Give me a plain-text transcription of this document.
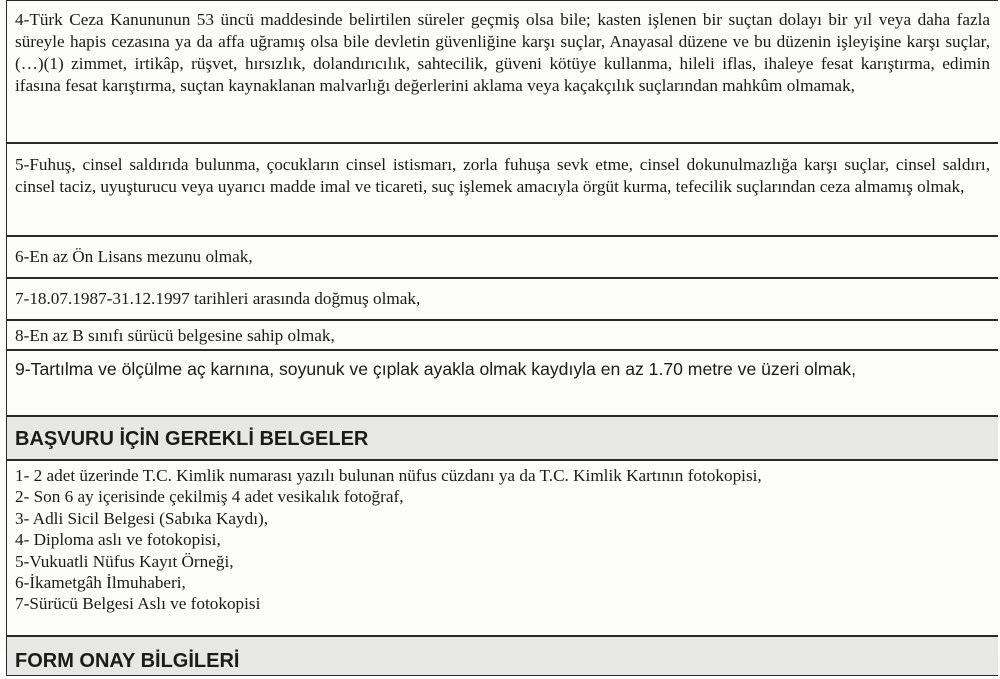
4-Türk Ceza Kanununun 53 üncü maddesinde belirtilen süreler geçmiş olsa bile; kasten işlenen bir suçtan dolayı bir yıl veya daha fazla süreyle hapis cezasına ya da affa uğramış olsa bile devletin güvenliğine karşı suçlar, Anayasal düzene ve bu düzenin işleyişine karşı suçlar, (…)(1) zimmet, irtikâp, rüşvet, hırsızlık, dolandırıcılık, sahtecilik, güveni kötüye kullanma, hileli iflas, ihaleye fesat karıştırma, edimin ifasına fesat karıştırma, suçtan kaynaklanan malvarlığı değerlerini aklama veya kaçakçılık suçlarından mahkûm olmamak,

5-Fuhuş, cinsel saldırıda bulunma, çocukların cinsel istismarı, zorla fuhuşa sevk etme, cinsel dokunulmazlığa karşı suçlar, cinsel saldırı, cinsel taciz, uyuşturucu veya uyarıcı madde imal ve ticareti, suç işlemek amacıyla örgüt kurma, tefecilik suçlarından ceza almamış olmak,

6-En az Ön Lisans mezunu olmak,

7-18.07.1987-31.12.1997 tarihleri arasında doğmuş olmak,

8-En az B sınıfı sürücü belgesine sahip olmak,

9-Tartılma ve ölçülme aç karnına, soyunuk ve çıplak ayakla olmak kaydıyla en az 1.70 metre ve üzeri olmak,

BAŞVURU İÇİN GEREKLİ BELGELER
1- 2 adet üzerinde T.C. Kimlik numarası yazılı bulunan nüfus cüzdanı ya da T.C. Kimlik Kartının fotokopisi,
2- Son 6 ay içerisinde çekilmiş 4 adet vesikalık fotoğraf,
3- Adli Sicil Belgesi (Sabıka Kaydı),
4- Diploma aslı ve fotokopisi,
5-Vukuatli Nüfus Kayıt Örneği,
6-İkametgâh İlmuhaberi,
7-Sürücü Belgesi Aslı ve fotokopisi
FORM ONAY BİLGİLERİ
